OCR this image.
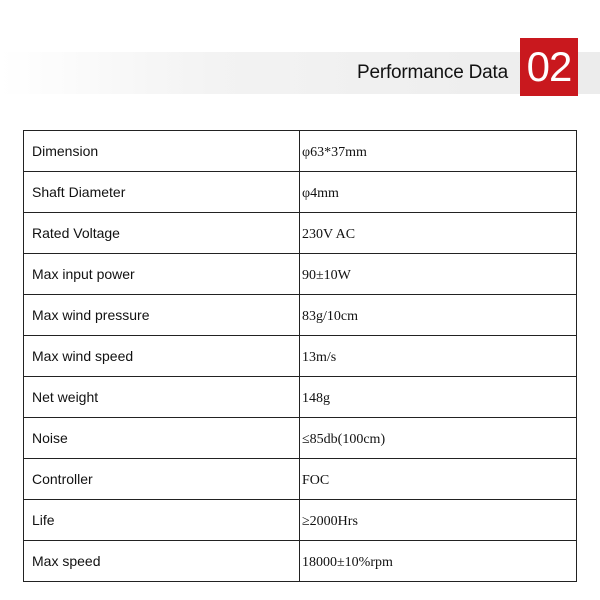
Performance Data 02
Dimension	φ63*37mm
Shaft Diameter	φ4mm
Rated Voltage	230V AC
Max input power	90±10W
Max wind pressure	83g/10cm
Max wind speed	13m/s
Net weight	148g
Noise	≤85db(100cm)
Controller	FOC
Life	≥2000Hrs
Max speed	18000±10%rpm
